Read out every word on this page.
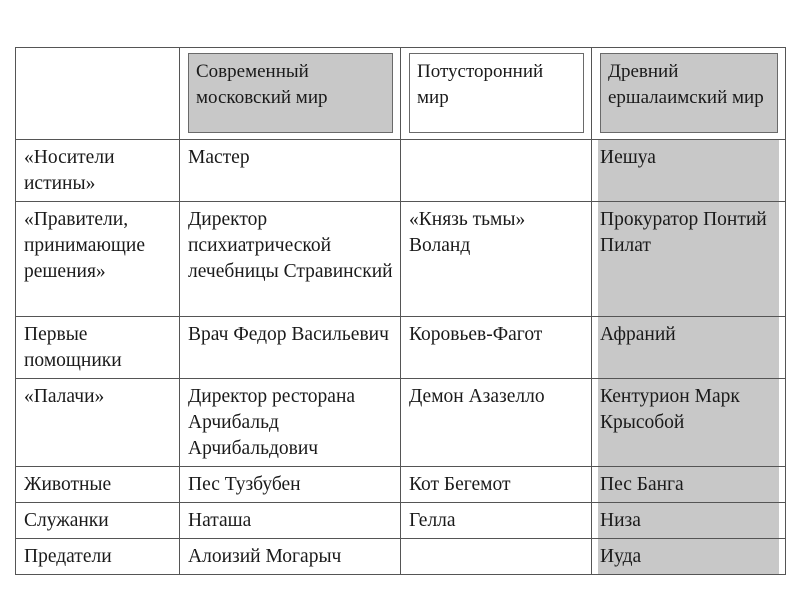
	Современный московский мир	Потусторонний мир	Древний ершалаимский мир

«Носители истины»	Мастер		Иешуа
«Правители, принимающие решения»	Директор психиатрической лечебницы Стравинский	«Князь тьмы» Воланд	Прокуратор Понтий Пилат
Первые помощники	Врач Федор Васильевич	Коровьев-Фагот	Афраний
«Палачи»	Директор ресторана Арчибальд Арчибальдович	Демон Азазелло	Кентурион Марк Крысобой
Животные	Пес Тузбубен	Кот Бегемот	Пес Банга
Служанки	Наташа	Гелла	Низа
Предатели	Алоизий Могарыч		Иуда
